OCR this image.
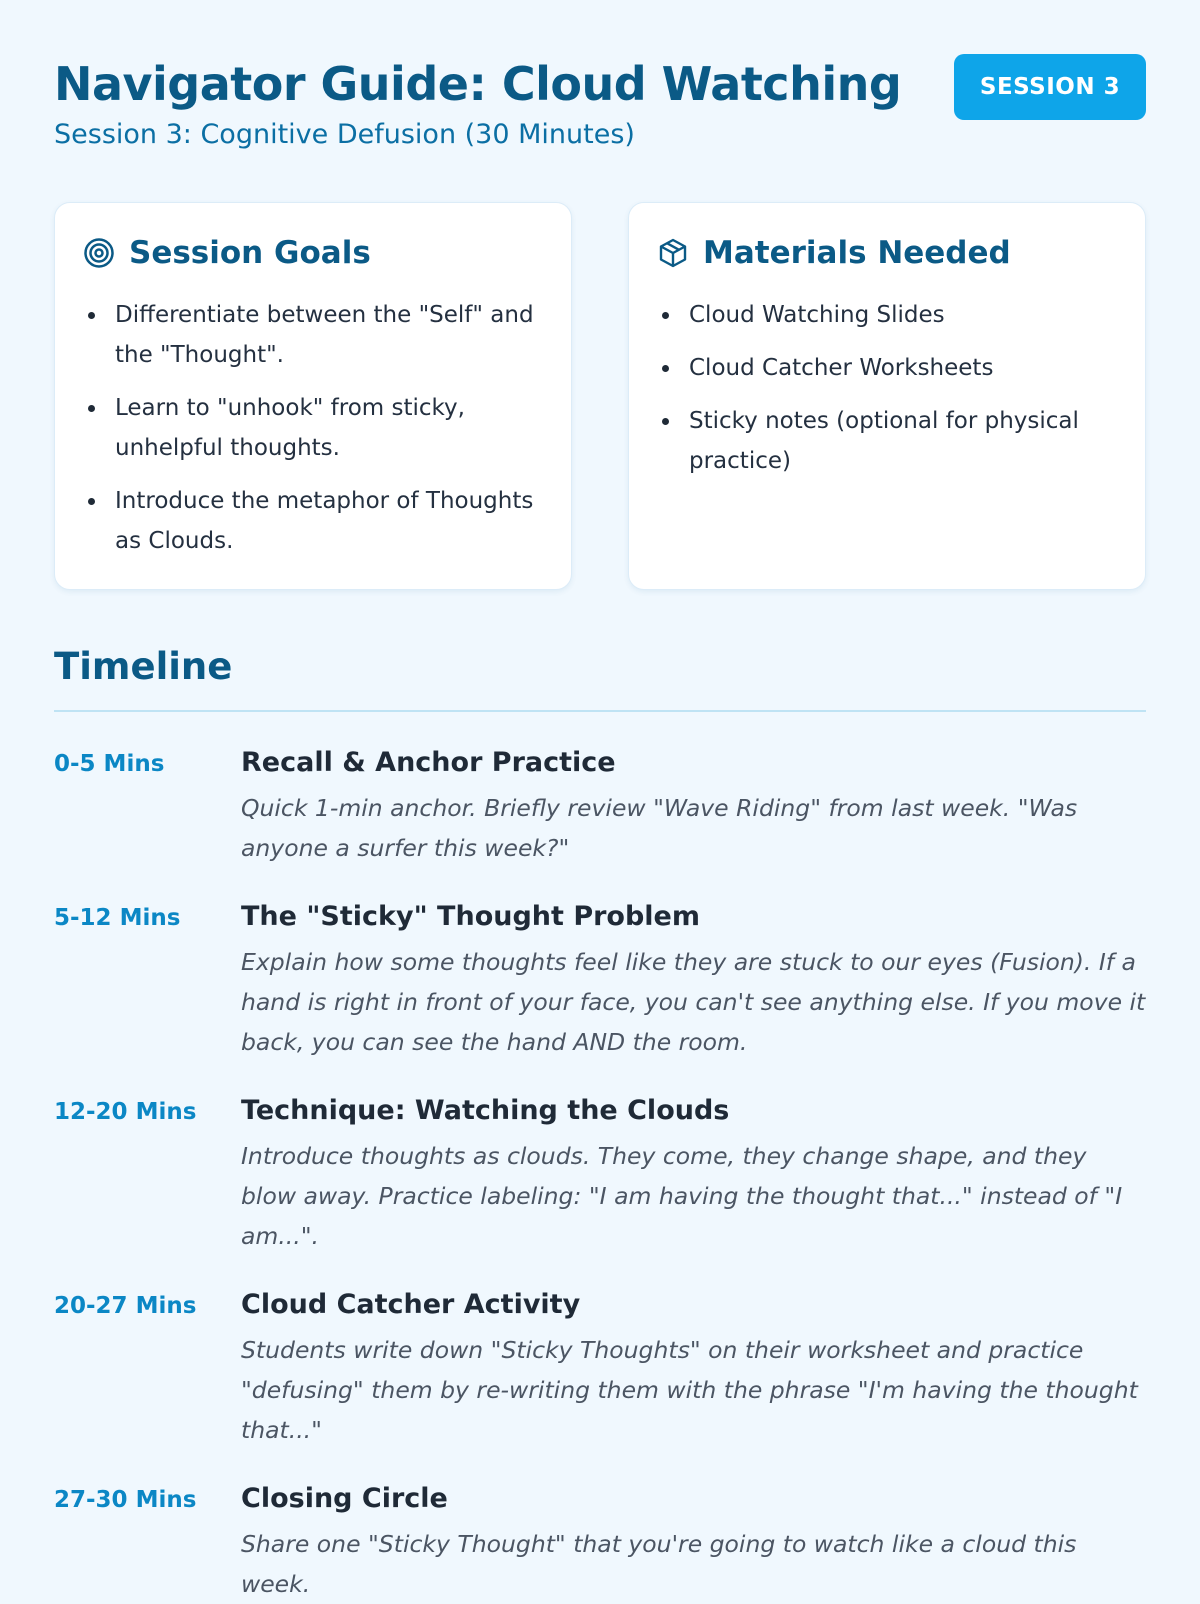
Navigator Guide: Cloud Watching
Session 3: Cognitive Defusion (30 Minutes)
SESSION 3
Session Goals
Differentiate between the "Self" and the "Thought".
Learn to "unhook" from sticky, unhelpful thoughts.
Introduce the metaphor of Thoughts as Clouds.
Materials Needed
Cloud Watching Slides
Cloud Catcher Worksheets
Sticky notes (optional for physical practice)
Timeline
0-5 Mins	Recall & Anchor Practice
Quick 1-min anchor. Briefly review "Wave Riding" from last week. "Was anyone a surfer this week?"
5-12 Mins	The "Sticky" Thought Problem
Explain how some thoughts feel like they are stuck to our eyes (Fusion). If a hand is right in front of your face, you can't see anything else. If you move it back, you can see the hand AND the room.
12-20 Mins	Technique: Watching the Clouds
Introduce thoughts as clouds. They come, they change shape, and they blow away. Practice labeling: "I am having the thought that..." instead of "I am...".
20-27 Mins	Cloud Catcher Activity
Students write down "Sticky Thoughts" on their worksheet and practice "defusing" them by re-writing them with the phrase "I'm having the thought that..."
27-30 Mins	Closing Circle
Share one "Sticky Thought" that you're going to watch like a cloud this week.
